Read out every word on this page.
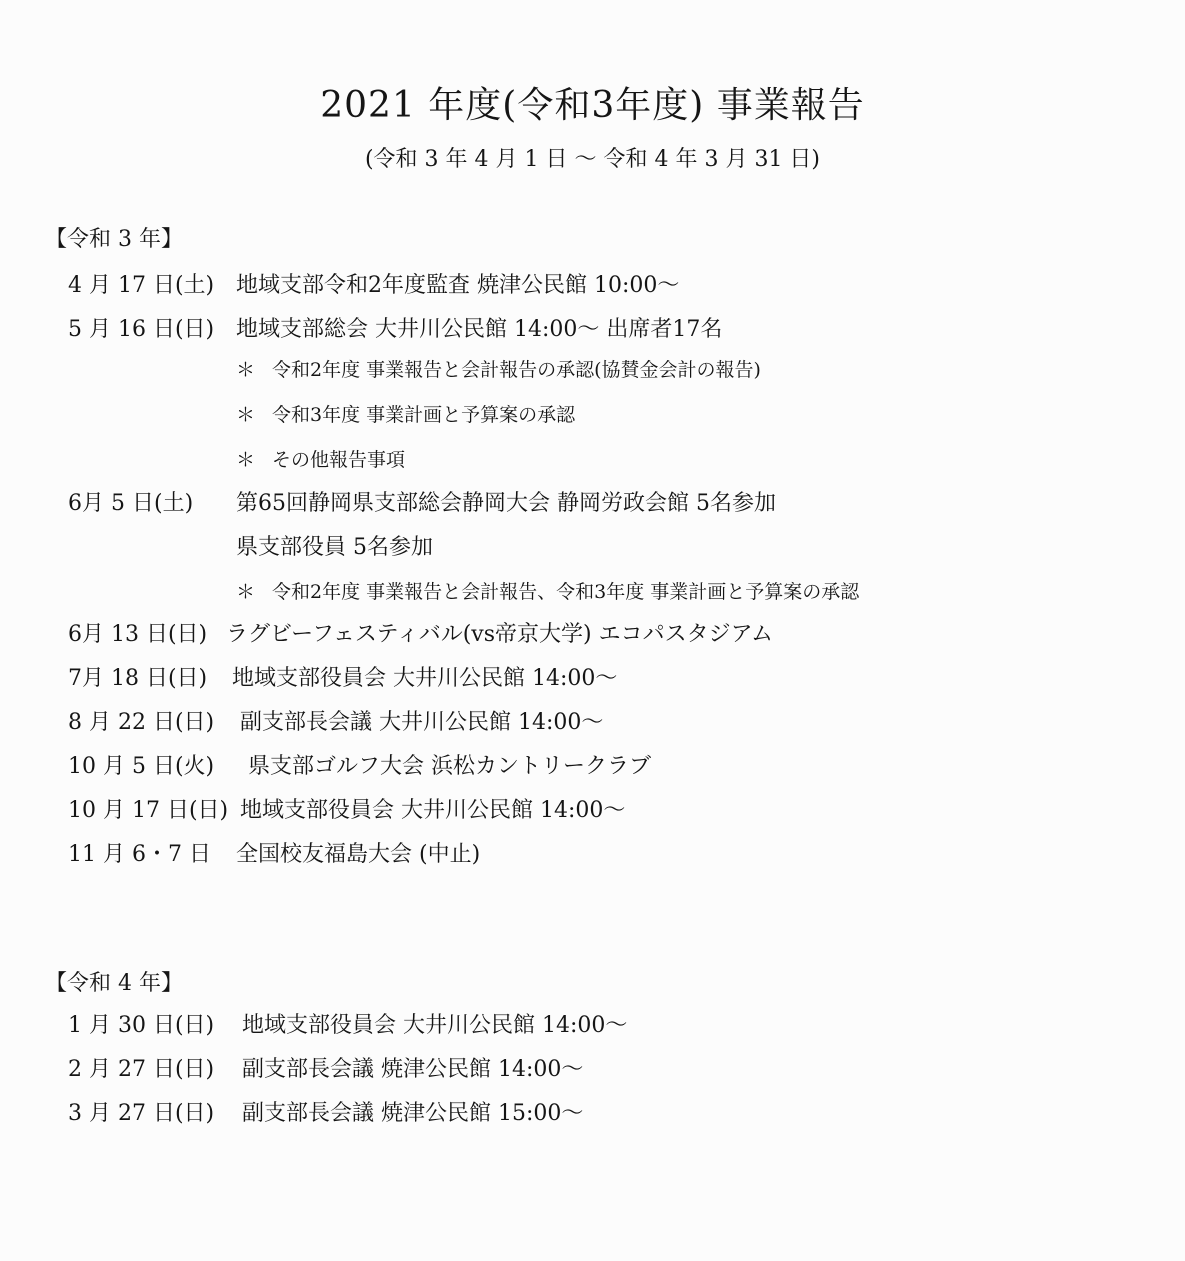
2021 年度(令和3年度) 事業報告
(令和 3 年 4 月 1 日 ～ 令和 4 年 3 月 31 日)
【令和 3 年】
4 月 17 日(土) 地域支部令和2年度監査 焼津公民館 10:00～
5 月 16 日(日) 地域支部総会 大井川公民館 14:00～ 出席者17名
＊ 令和2年度 事業報告と会計報告の承認(協賛金会計の報告)
＊ 令和3年度 事業計画と予算案の承認
＊ その他報告事項
6月 5 日(土) 第65回静岡県支部総会静岡大会 静岡労政会館 5名参加
県支部役員 5名参加
＊ 令和2年度 事業報告と会計報告、令和3年度 事業計画と予算案の承認
6月 13 日(日) ラグビーフェスティバル(vs帝京大学) エコパスタジアム
7月 18 日(日) 地域支部役員会 大井川公民館 14:00～
8 月 22 日(日) 副支部長会議 大井川公民館 14:00～
10 月 5 日(火) 県支部ゴルフ大会 浜松カントリークラブ
10 月 17 日(日) 地域支部役員会 大井川公民館 14:00～
11 月 6・7 日 全国校友福島大会 (中止)
【令和 4 年】
1 月 30 日(日) 地域支部役員会 大井川公民館 14:00～
2 月 27 日(日) 副支部長会議 焼津公民館 14:00～
3 月 27 日(日) 副支部長会議 焼津公民館 15:00～
